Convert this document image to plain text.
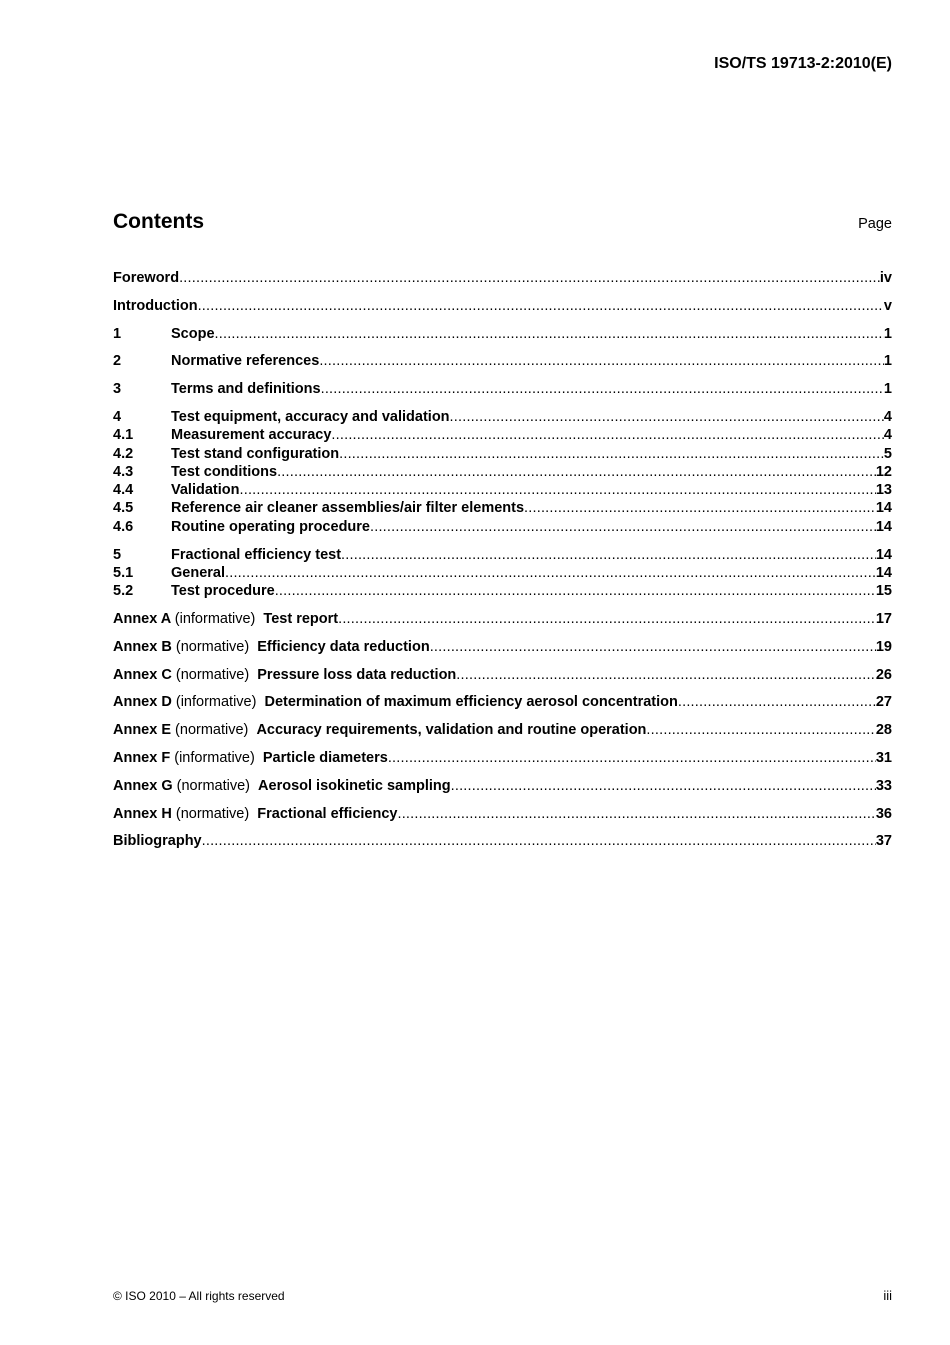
ISO/TS 19713-2:2010(E)
Contents	Page
Foreword .....	iv
Introduction .....	v
1	Scope .....	1
2	Normative references .....	1
3	Terms and definitions .....	1
4	Test equipment, accuracy and validation .....	4
4.1	Measurement accuracy .....	4
4.2	Test stand configuration .....	5
4.3	Test conditions .....	12
4.4	Validation .....	13
4.5	Reference air cleaner assemblies/air filter elements .....	14
4.6	Routine operating procedure .....	14
5	Fractional efficiency test .....	14
5.1	General .....	14
5.2	Test procedure .....	15
Annex A (informative) Test report .....	17
Annex B (normative) Efficiency data reduction .....	19
Annex C (normative) Pressure loss data reduction .....	26
Annex D (informative) Determination of maximum efficiency aerosol concentration .....	27
Annex E (normative) Accuracy requirements, validation and routine operation .....	28
Annex F (informative) Particle diameters .....	31
Annex G (normative) Aerosol isokinetic sampling .....	33
Annex H (normative) Fractional efficiency .....	36
Bibliography .....	37
© ISO 2010 – All rights reserved	iii
